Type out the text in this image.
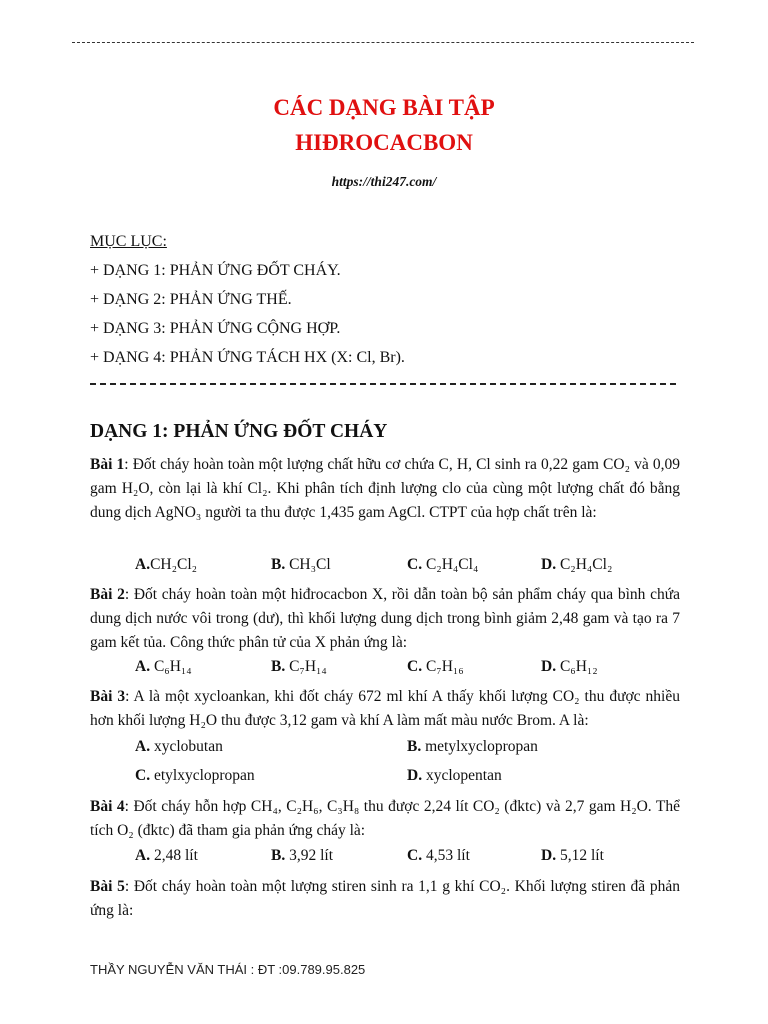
CÁC DẠNG BÀI TẬP
HIĐROCACBON
https://thi247.com/
MỤC LỤC:
+ DẠNG 1: PHẢN ỨNG ĐỐT CHÁY.
+ DẠNG 2: PHẢN ỨNG THẾ.
+ DẠNG 3: PHẢN ỨNG CỘNG HỢP.
+ DẠNG 4: PHẢN ỨNG TÁCH HX (X: Cl, Br).
DẠNG 1: PHẢN ỨNG ĐỐT CHÁY
Bài 1: Đốt cháy hoàn toàn một lượng chất hữu cơ chứa C, H, Cl sinh ra 0,22 gam CO₂ và 0,09 gam H₂O, còn lại là khí Cl₂. Khi phân tích định lượng clo của cùng một lượng chất đó bằng dung dịch AgNO₃ người ta thu được 1,435 gam AgCl. CTPT của hợp chất trên là:
A.CH₂Cl₂	B. CH₃Cl	C. C₂H₄Cl₄	D. C₂H₄Cl₂
Bài 2: Đốt cháy hoàn toàn một hiđrocacbon X, rồi dẫn toàn bộ sản phẩm cháy qua bình chứa dung dịch nước vôi trong (dư), thì khối lượng dung dịch trong bình giảm 2,48 gam và tạo ra 7 gam kết tủa. Công thức phân tử của X phản ứng là:
A. C₆H₁₄	B. C₇H₁₄	C. C₇H₁₆	D. C₆H₁₂
Bài 3: A là một xycloankan, khi đốt cháy 672 ml khí A thấy khối lượng CO₂ thu được nhiều hơn khối lượng H₂O thu được 3,12 gam và khí A làm mất màu nước Brom. A là:
A. xyclobutan	B. metylxyclopropan
C. etylxyclopropan	D. xyclopentan
Bài 4: Đốt cháy hỗn hợp CH₄, C₂H₆, C₃H₈ thu được 2,24 lít CO₂ (đktc) và 2,7 gam H₂O. Thể tích O₂ (đktc) đã tham gia phản ứng cháy là:
A. 2,48 lít	B. 3,92 lít	C. 4,53 lít	D. 5,12 lít
Bài 5: Đốt cháy hoàn toàn một lượng stiren sinh ra 1,1 g khí CO₂. Khối lượng stiren đã phản ứng là:
THẦY NGUYỄN VĂN THÁI : ĐT :09.789.95.825
